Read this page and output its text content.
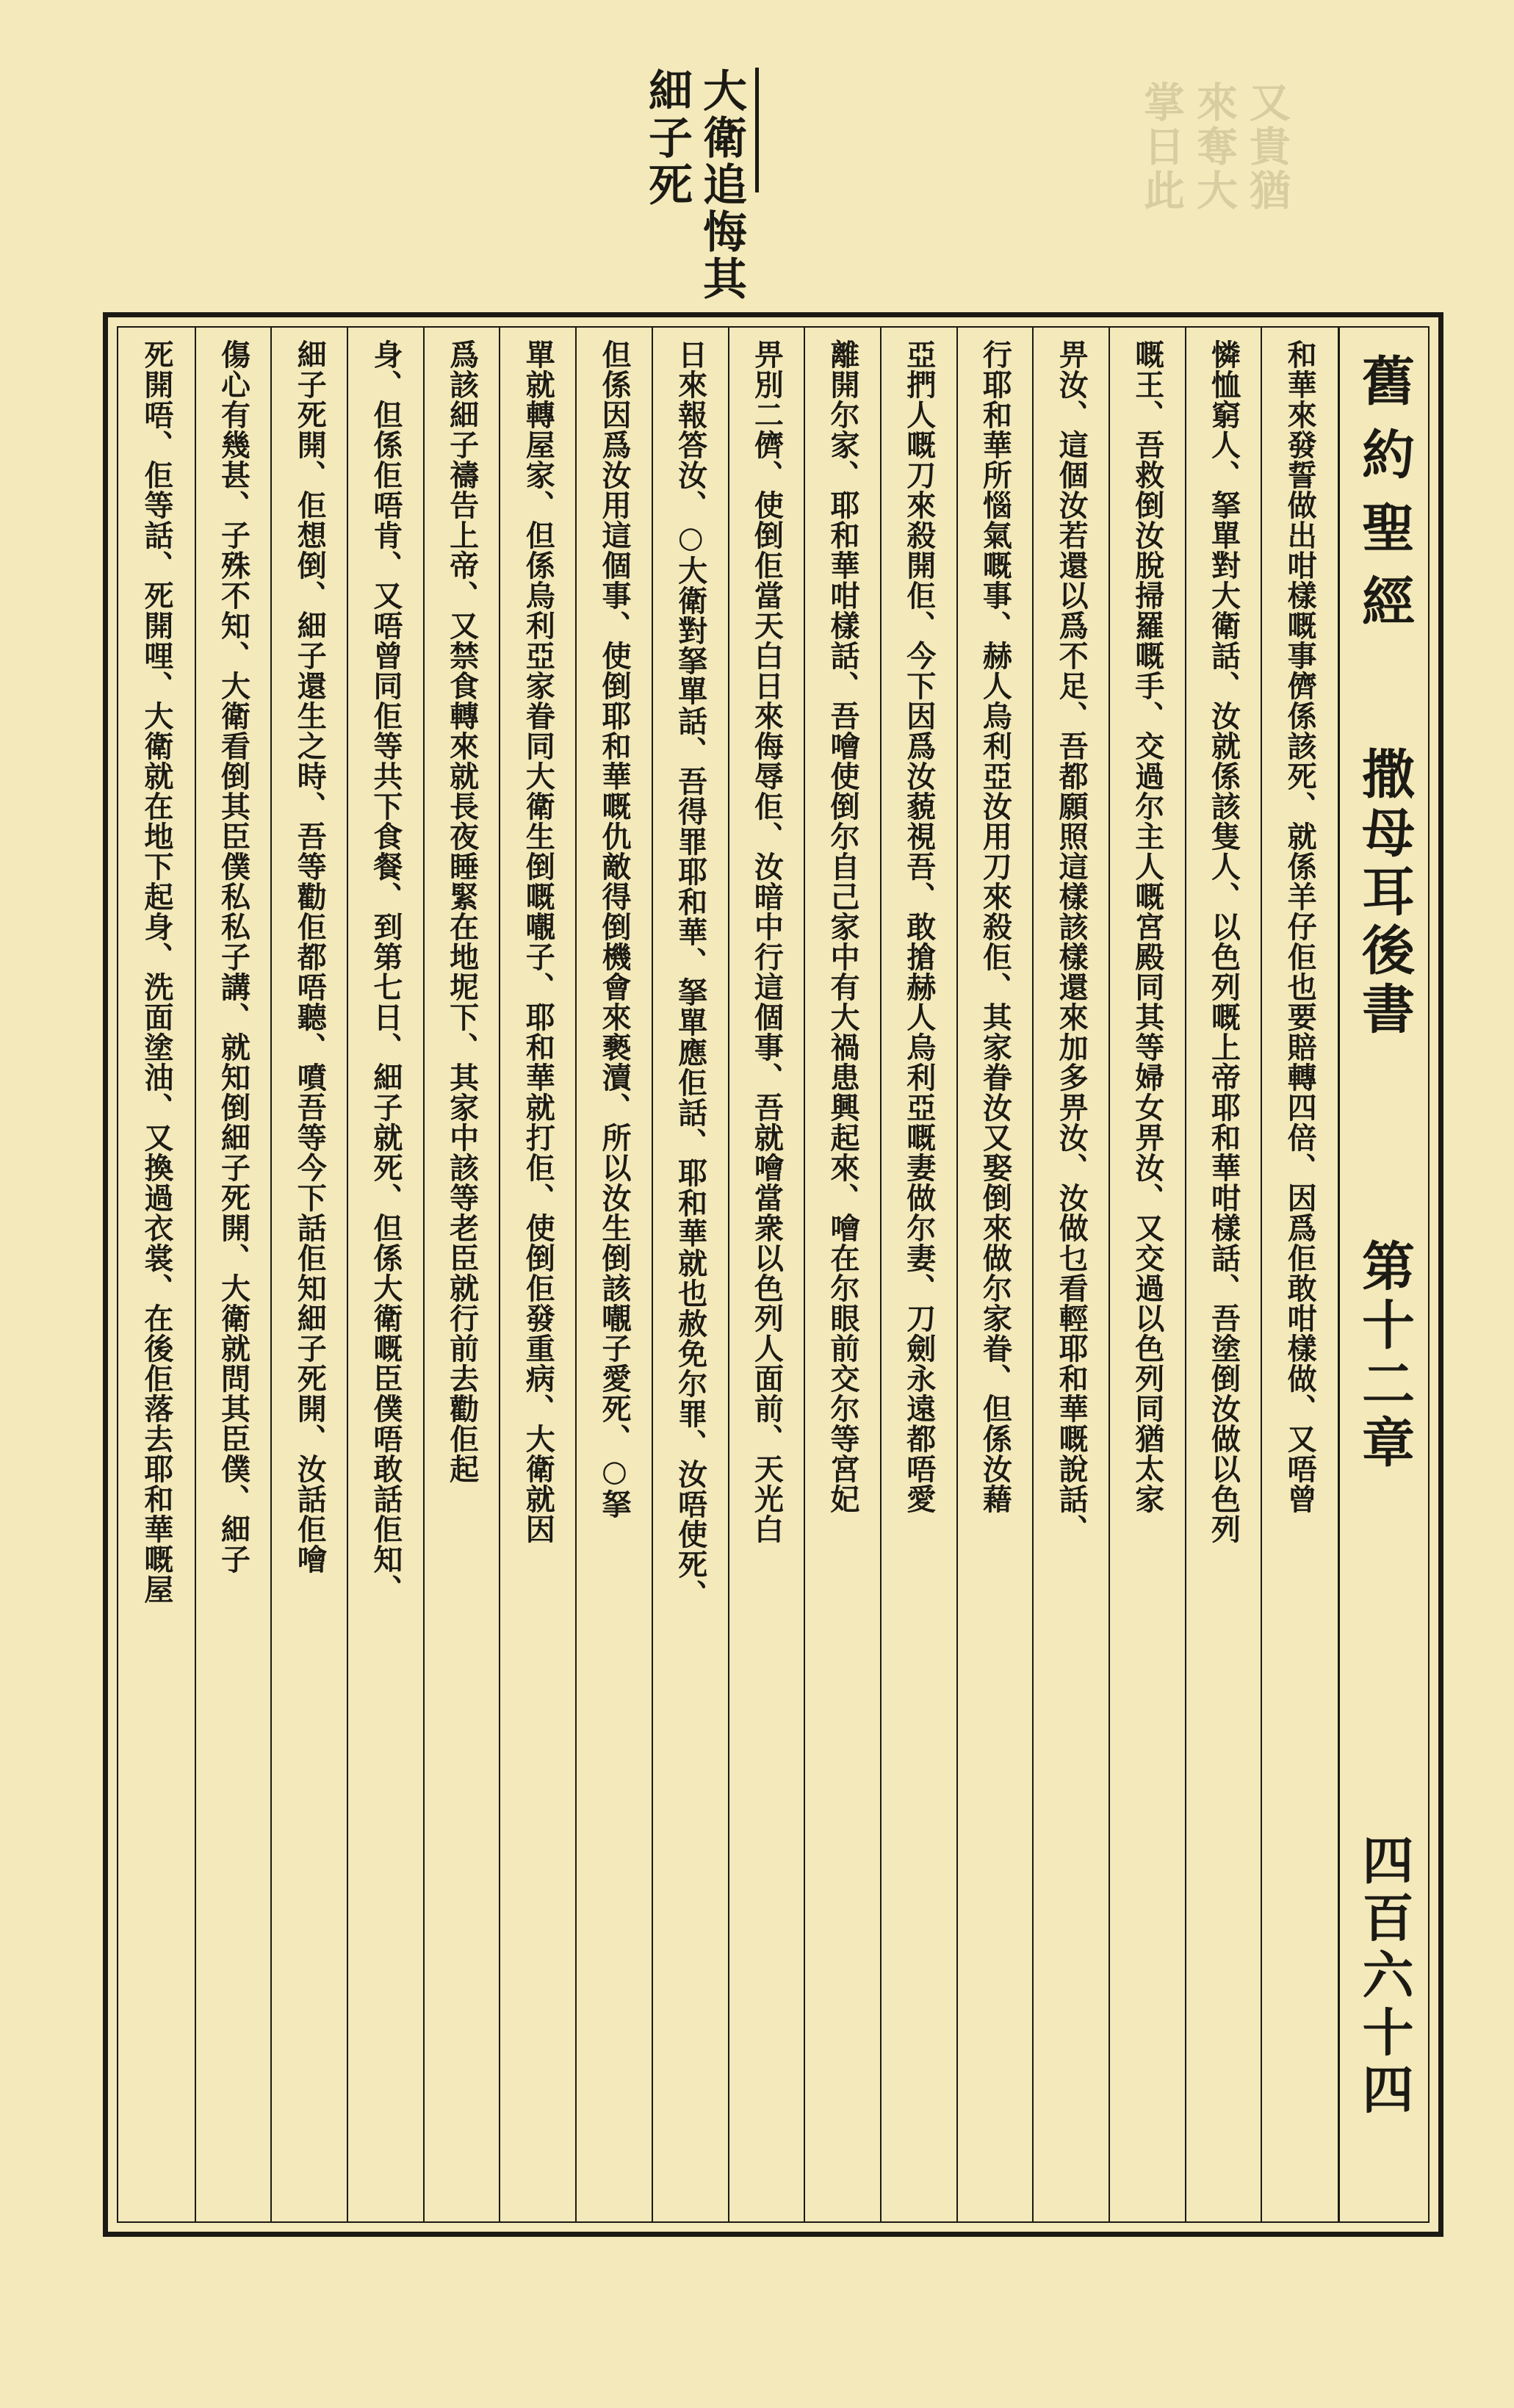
又貴猶
來奪大
掌日此
大衛追悔其
細子死
舊約聖經
撒母耳後書
第十二章
四百六十四
和華來發誓做出咁樣嘅事儕係該死、就係羊仔佢也要賠轉四倍、因爲佢敢咁樣做、又唔曾
憐恤窮人、拏單對大衛話、汝就係該隻人、以色列嘅上帝耶和華咁樣話、吾塗倒汝做以色列
嘅王、吾救倒汝脫掃羅嘅手、交過尔主人嘅宮殿同其等婦女畀汝、又交過以色列同猶太家
畀汝、這個汝若還以爲不足、吾都願照這樣該樣還來加多畀汝、汝做乜看輕耶和華嘅說話、
行耶和華所惱氣嘅事、赫人烏利亞汝用刀來殺佢、其家眷汝又娶倒來做尔家眷、但係汝藉
亞捫人嘅刀來殺開佢、今下因爲汝藐視吾、敢搶赫人烏利亞嘅妻做尔妻、刀劍永遠都唔愛
離開尔家、耶和華咁樣話、吾噲使倒尔自己家中有大禍患興起來、噲在尔眼前交尔等宮妃
畀別二儕、使倒佢當天白日來侮辱佢、汝暗中行這個事、吾就噲當衆以色列人面前、天光白
日來報答汝、○大衛對拏單話、吾得罪耶和華、拏單應佢話、耶和華就也赦免尔罪、汝唔使死、
但係因爲汝用這個事、使倒耶和華嘅仇敵得倒機會來褻瀆、所以汝生倒該𡃁子愛死、○拏
單就轉屋家、但係烏利亞家眷同大衛生倒嘅𡃁子、耶和華就打佢、使倒佢發重病、大衛就因
爲該細子禱告上帝、又禁食轉來就長夜睡緊在地坭下、其家中該等老臣就行前去勸佢起
身、但係佢唔肯、又唔曾同佢等共下食餐、到第七日、細子就死、但係大衛嘅臣僕唔敢話佢知、
細子死開、佢想倒、細子還生之時、吾等勸佢都唔聽、噴吾等今下話佢知細子死開、汝話佢噲
傷心有幾甚、子殊不知、大衛看倒其臣僕私私子講、就知倒細子死開、大衛就問其臣僕、細子
死開唔、佢等話、死開哩、大衛就在地下起身、洗面塗油、又換過衣裳、在後佢落去耶和華嘅屋
